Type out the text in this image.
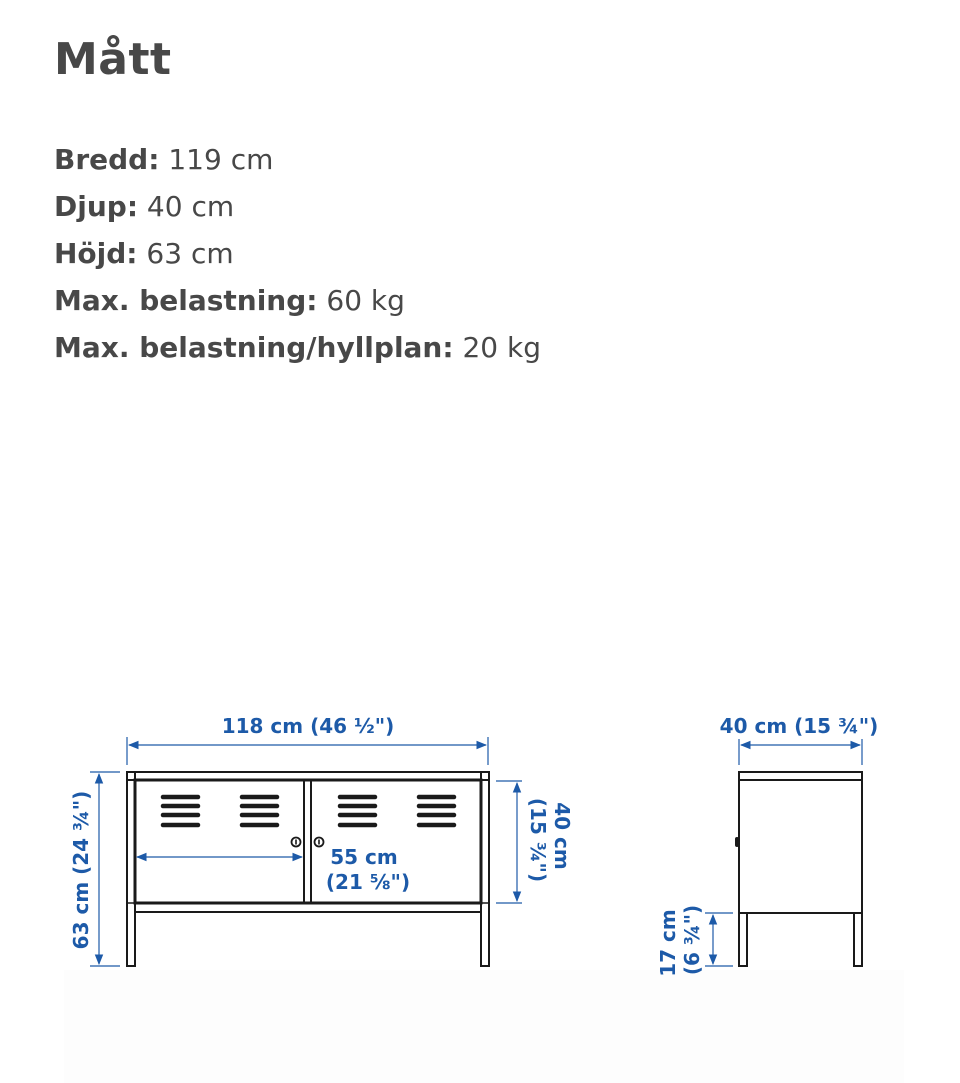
Mått
Bredd: 119 cm
Djup: 40 cm
Höjd: 63 cm
Max. belastning: 60 kg
Max. belastning/hyllplan: 20 kg
118 cm (46 ½")
63 cm (24 ¾")	55 cm
(21 ⅝")
40 cm
(15 ¾")
40 cm (15 ¾")
17 cm (6 ¾")
